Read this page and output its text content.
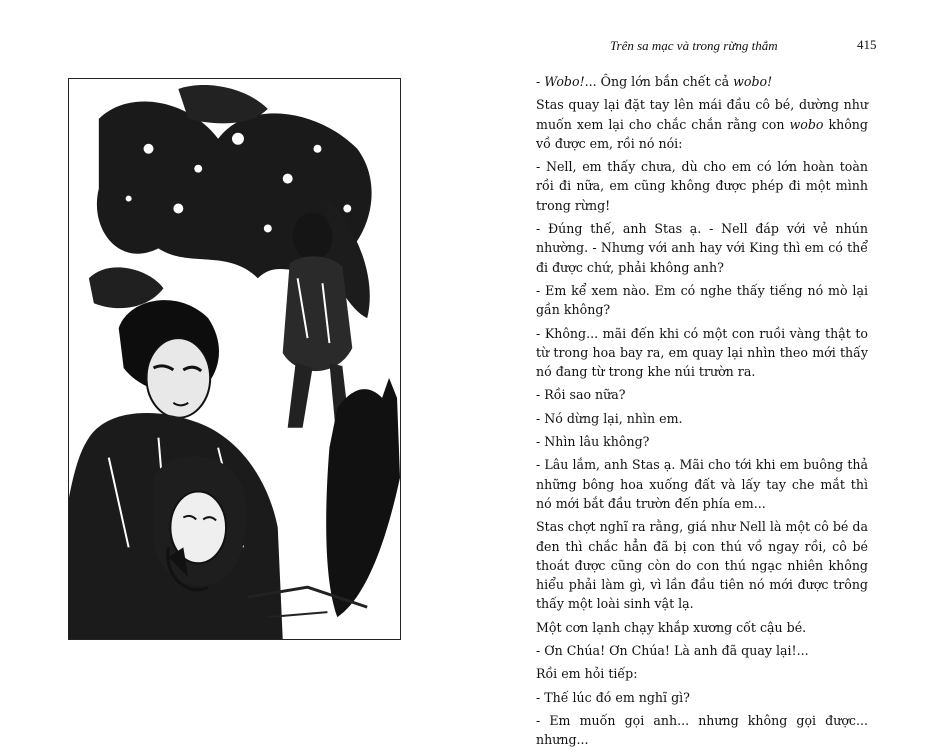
Trên sa mạc và trong rừng thẳm	415

- Wobo!... Ông lớn bắn chết cả wobo!

Stas quay lại đặt tay lên mái đầu cô bé, dường như muốn xem lại cho chắc chắn rằng con wobo không vồ được em, rồi nó nói:

- Nell, em thấy chưa, dù cho em có lớn hoàn toàn rồi đi nữa, em cũng không được phép đi một mình trong rừng!

- Đúng thế, anh Stas ạ. - Nell đáp với vẻ nhún nhường. - Nhưng với anh hay với King thì em có thể đi được chứ, phải không anh?

- Em kể xem nào. Em có nghe thấy tiếng nó mò lại gần không?

- Không... mãi đến khi có một con ruồi vàng thật to từ trong hoa bay ra, em quay lại nhìn theo mới thấy nó đang từ trong khe núi trườn ra.

- Rồi sao nữa?

- Nó dừng lại, nhìn em.

- Nhìn lâu không?

- Lâu lắm, anh Stas ạ. Mãi cho tới khi em buông thả những bông hoa xuống đất và lấy tay che mắt thì nó mới bắt đầu trườn đến phía em...

Stas chợt nghĩ ra rằng, giá như Nell là một cô bé da đen thì chắc hẳn đã bị con thú vồ ngay rồi, cô bé thoát được cũng còn do con thú ngạc nhiên không hiểu phải làm gì, vì lần đầu tiên nó mới được trông thấy một loài sinh vật lạ.

Một cơn lạnh chạy khắp xương cốt cậu bé.

- Ơn Chúa! Ơn Chúa! Là anh đã quay lại!...

Rồi em hỏi tiếp:

- Thế lúc đó em nghĩ gì?

- Em muốn gọi anh... nhưng không gọi được... nhưng...
